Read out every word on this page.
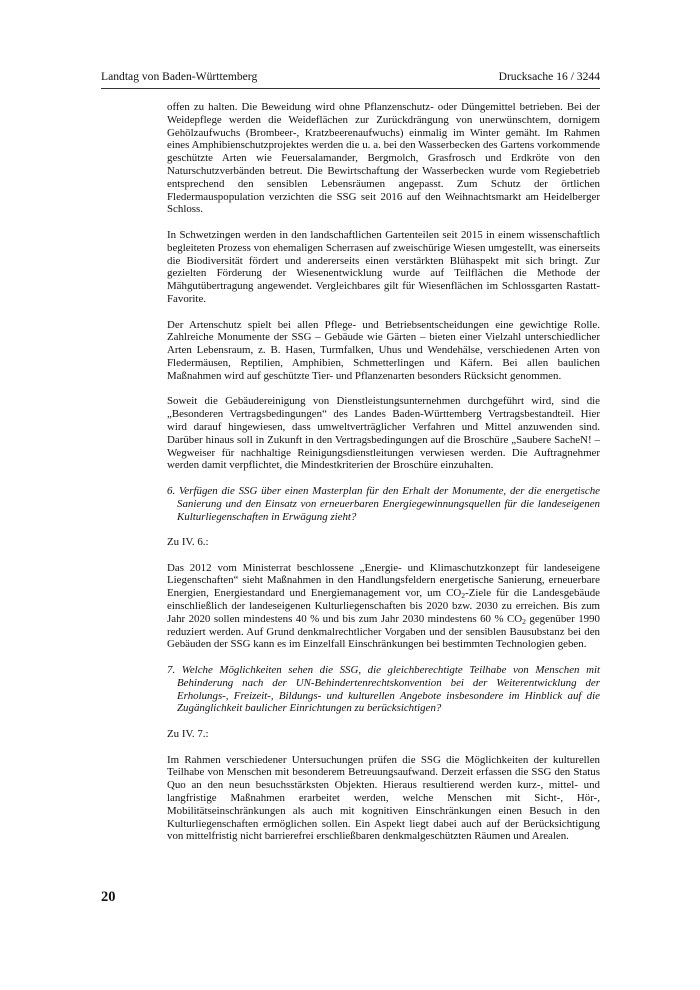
Landtag von Baden-Württemberg	Drucksache 16 / 3244

offen zu halten. Die Beweidung wird ohne Pflanzenschutz- oder Düngemittel betrieben. Bei der Weidepflege werden die Weideflächen zur Zurückdrängung von unerwünschtem, dornigem Gehölzaufwuchs (Brombeer-, Kratzbeerenaufwuchs) einmalig im Winter gemäht. Im Rahmen eines Amphibienschutzprojektes werden die u. a. bei den Wasserbecken des Gartens vorkommende geschützte Arten wie Feuersalamander, Bergmolch, Grasfrosch und Erdkröte von den Naturschutzverbänden betreut. Die Bewirtschaftung der Wasserbecken wurde vom Regiebetrieb entsprechend den sensiblen Lebensräumen angepasst. Zum Schutz der örtlichen Fledermauspopulation verzichten die SSG seit 2016 auf den Weihnachtsmarkt am Heidelberger Schloss.

In Schwetzingen werden in den landschaftlichen Gartenteilen seit 2015 in einem wissenschaftlich begleiteten Prozess von ehemaligen Scherrasen auf zweischürige Wiesen umgestellt, was einerseits die Biodiversität fördert und andererseits einen verstärkten Blühaspekt mit sich bringt. Zur gezielten Förderung der Wiesenentwicklung wurde auf Teilflächen die Methode der Mähgutübertragung angewendet. Vergleichbares gilt für Wiesenflächen im Schlossgarten Rastatt-Favorite.

Der Artenschutz spielt bei allen Pflege- und Betriebsentscheidungen eine gewichtige Rolle. Zahlreiche Monumente der SSG – Gebäude wie Gärten – bieten einer Vielzahl unterschiedlicher Arten Lebensraum, z. B. Hasen, Turmfalken, Uhus und Wendehälse, verschiedenen Arten von Fledermäusen, Reptilien, Amphibien, Schmetterlingen und Käfern. Bei allen baulichen Maßnahmen wird auf geschützte Tier- und Pflanzenarten besonders Rücksicht genommen.

Soweit die Gebäudereinigung von Dienstleistungsunternehmen durchgeführt wird, sind die „Besonderen Vertragsbedingungen“ des Landes Baden-Württemberg Vertragsbestandteil. Hier wird darauf hingewiesen, dass umweltverträglicher Verfahren und Mittel anzuwenden sind. Darüber hinaus soll in Zukunft in den Vertragsbedingungen auf die Broschüre „Saubere SacheN! – Wegweiser für nachhaltige Reinigungsdienstleitungen verwiesen werden. Die Auftragnehmer werden damit verpflichtet, die Mindestkriterien der Broschüre einzuhalten.

6. Verfügen die SSG über einen Masterplan für den Erhalt der Monumente, der die energetische Sanierung und den Einsatz von erneuerbaren Energiegewinnungsquellen für die landeseigenen Kulturliegenschaften in Erwägung zieht?

Zu IV. 6.:

Das 2012 vom Ministerrat beschlossene „Energie- und Klimaschutzkonzept für landeseigene Liegenschaften“ sieht Maßnahmen in den Handlungsfeldern energetische Sanierung, erneuerbare Energien, Energiestandard und Energiemanagement vor, um $CO_2$-Ziele für die Landesgebäude einschließlich der landeseigenen Kulturliegenschaften bis 2020 bzw. 2030 zu erreichen. Bis zum Jahr 2020 sollen mindestens 40 % und bis zum Jahr 2030 mindestens 60 % $CO_2$ gegenüber 1990 reduziert werden. Auf Grund denkmalrechtlicher Vorgaben und der sensiblen Bausubstanz bei den Gebäuden der SSG kann es im Einzelfall Einschränkungen bei bestimmten Technologien geben.

7. Welche Möglichkeiten sehen die SSG, die gleichberechtigte Teilhabe von Menschen mit Behinderung nach der UN-Behindertenrechtskonvention bei der Weiterentwicklung der Erholungs-, Freizeit-, Bildungs- und kulturellen Angebote insbesondere im Hinblick auf die Zugänglichkeit baulicher Einrichtungen zu berücksichtigen?

Zu IV. 7.:

Im Rahmen verschiedener Untersuchungen prüfen die SSG die Möglichkeiten der kulturellen Teilhabe von Menschen mit besonderem Betreuungsaufwand. Derzeit erfassen die SSG den Status Quo an den neun besuchsstärksten Objekten. Hieraus resultierend werden kurz-, mittel- und langfristige Maßnahmen erarbeitet werden, welche Menschen mit Sicht-, Hör-, Mobilitätseinschränkungen als auch mit kognitiven Einschränkungen einen Besuch in den Kulturliegenschaften ermöglichen sollen. Ein Aspekt liegt dabei auch auf der Berücksichtigung von mittelfristig nicht barrierefrei erschließbaren denkmalgeschützten Räumen und Arealen.

20
